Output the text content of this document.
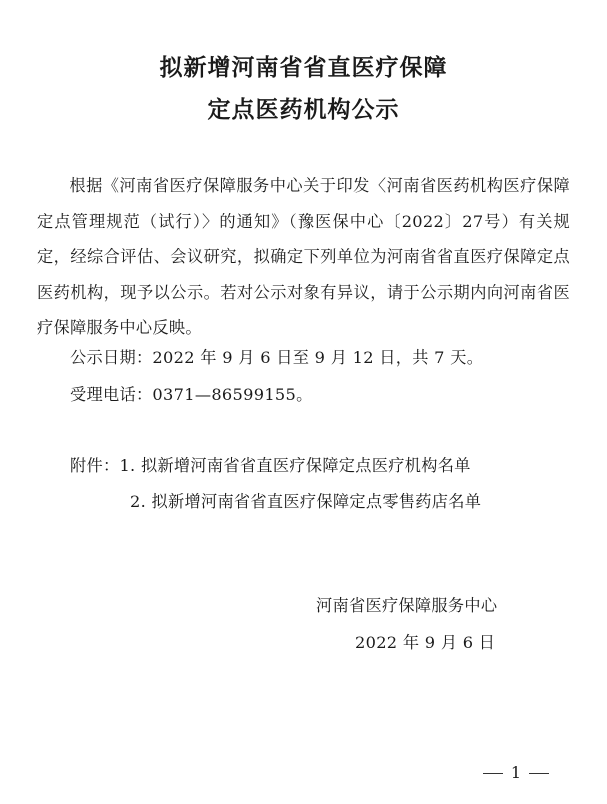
拟新增河南省省直医疗保障
定点医药机构公示

根据《河南省医疗保障服务中心关于印发〈河南省医药机构医疗保障定点管理规范（试行）〉的通知》（豫医保中心〔2022〕27号）有关规定，经综合评估、会议研究，拟确定下列单位为河南省省直医疗保障定点医药机构，现予以公示。若对公示对象有异议，请于公示期内向河南省医疗保障服务中心反映。

公示日期：2022 年 9 月 6 日至 9 月 12 日，共 7 天。
受理电话：0371—86599155。
附件：1. 拟新增河南省省直医疗保障定点医疗机构名单
2. 拟新增河南省省直医疗保障定点零售药店名单
河南省医疗保障服务中心
2022 年 9 月 6 日
1
